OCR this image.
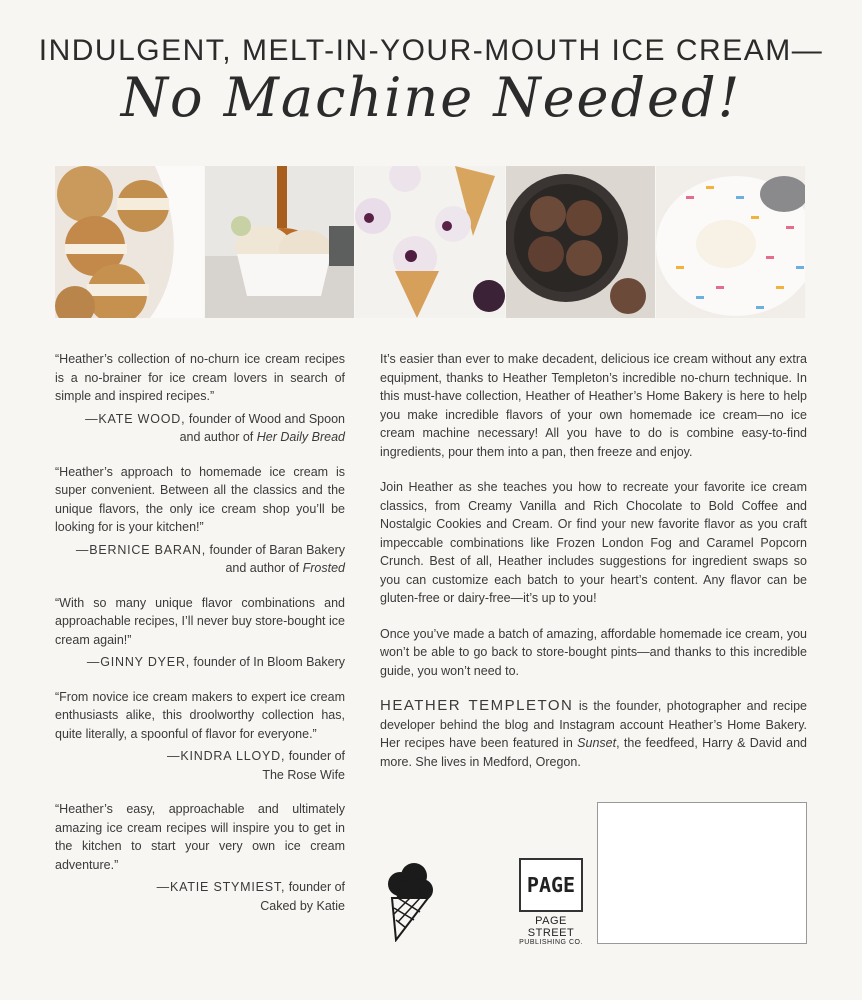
INDULGENT, MELT-IN-YOUR-MOUTH ICE CREAM—
No Machine Needed!

“Heather’s collection of no-churn ice cream recipes is a no-brainer for ice cream lovers in search of simple and inspired recipes.”

—KATE WOOD, founder of Wood and Spoon
and author of Her Daily Bread

“Heather’s approach to homemade ice cream is super convenient. Between all the classics and the unique flavors, the only ice cream shop you’ll be looking for is your kitchen!”

—BERNICE BARAN, founder of Baran Bakery
and author of Frosted

“With so many unique flavor combinations and approachable recipes, I’ll never buy store-bought ice cream again!”

—GINNY DYER, founder of In Bloom Bakery

“From novice ice cream makers to expert ice cream enthusiasts alike, this droolworthy collection has, quite literally, a spoonful of flavor for everyone.”

—KINDRA LLOYD, founder of
The Rose Wife

“Heather’s easy, approachable and ultimately amazing ice cream recipes will inspire you to get in the kitchen to start your very own ice cream adventure.”

—KATIE STYMIEST, founder of
Caked by Katie

It’s easier than ever to make decadent, delicious ice cream without any extra equipment, thanks to Heather Templeton’s incredible no-churn technique. In this must-have collection, Heather of Heather’s Home Bakery is here to help you make incredible flavors of your own homemade ice cream—no ice cream machine necessary! All you have to do is combine easy-to-find ingredients, pour them into a pan, then freeze and enjoy.

Join Heather as she teaches you how to recreate your favorite ice cream classics, from Creamy Vanilla and Rich Chocolate to Bold Coffee and Nostalgic Cookies and Cream. Or find your new favorite flavor as you craft impeccable combinations like Frozen London Fog and Caramel Popcorn Crunch. Best of all, Heather includes suggestions for ingredient swaps so you can customize each batch to your heart’s content. Any flavor can be gluten-free or dairy-free—it’s up to you!

Once you’ve made a batch of amazing, affordable homemade ice cream, you won’t be able to go back to store-bought pints—and thanks to this incredible guide, you won’t need to.

HEATHER TEMPLETON is the founder, photographer and recipe developer behind the blog and Instagram account Heather’s Home Bakery. Her recipes have been featured in Sunset, the feedfeed, Harry & David and more. She lives in Medford, Oregon.

PAGE
PAGE STREET
PUBLISHING CO.
